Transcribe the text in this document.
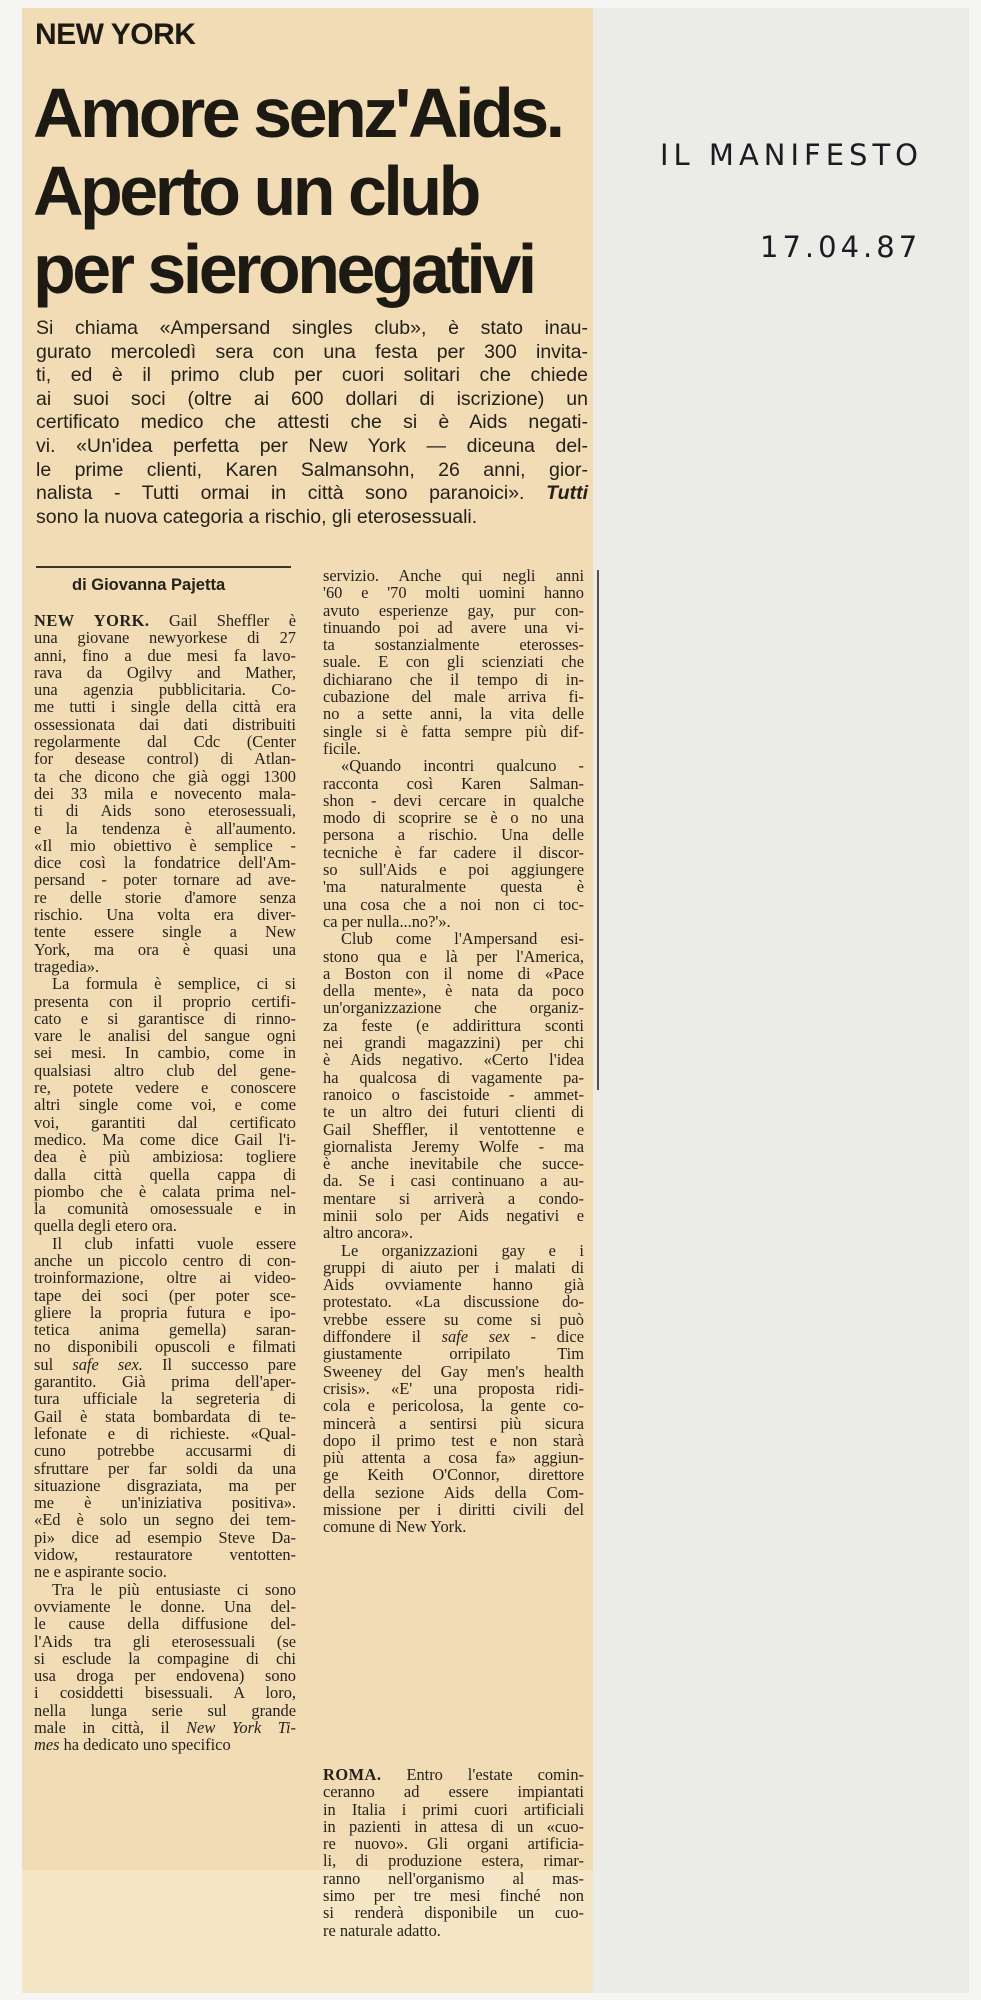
NEW YORK

Amore senz'Aids.
Aperto un club
per sieronegativi
Si chiama «Ampersand singles club», è stato inau-
gurato mercoledì sera con una festa per 300 invita-
ti, ed è il primo club per cuori solitari che chiede
ai suoi soci (oltre ai 600 dollari di iscrizione) un
certificato medico che attesti che si è Aids negati-
vi. «Un'idea perfetta per New York — diceuna del-
le prime clienti, Karen Salmansohn, 26 anni, gior-
nalista - Tutti ormai in città sono paranoici». Tutti
sono la nuova categoria a rischio, gli eterosessuali.

di Giovanna Pajetta

NEW YORK. Gail Sheffler è
una giovane newyorkese di 27
anni, fino a due mesi fa lavo-
rava da Ogilvy and Mather,
una agenzia pubblicitaria. Co-
me tutti i single della città era
ossessionata dai dati distribuiti
regolarmente dal Cdc (Center
for desease control) di Atlan-
ta che dicono che già oggi 1300
dei 33 mila e novecento mala-
ti di Aids sono eterosessuali,
e la tendenza è all'aumento.
«Il mio obiettivo è semplice -
dice così la fondatrice dell'Am-
persand - poter tornare ad ave-
re delle storie d'amore senza
rischio. Una volta era diver-
tente essere single a New
York, ma ora è quasi una
tragedia».
La formula è semplice, ci si
presenta con il proprio certifi-
cato e si garantisce di rinno-
vare le analisi del sangue ogni
sei mesi. In cambio, come in
qualsiasi altro club del gene-
re, potete vedere e conoscere
altri single come voi, e come
voi, garantiti dal certificato
medico. Ma come dice Gail l'i-
dea è più ambiziosa: togliere
dalla città quella cappa di
piombo che è calata prima nel-
la comunità omosessuale e in
quella degli etero ora.
Il club infatti vuole essere
anche un piccolo centro di con-
troinformazione, oltre ai video-
tape dei soci (per poter sce-
gliere la propria futura e ipo-
tetica anima gemella) saran-
no disponibili opuscoli e filmati
sul safe sex. Il successo pare
garantito. Già prima dell'aper-
tura ufficiale la segreteria di
Gail è stata bombardata di te-
lefonate e di richieste. «Qual-
cuno potrebbe accusarmi di
sfruttare per far soldi da una
situazione disgraziata, ma per
me è un'iniziativa positiva».
«Ed è solo un segno dei tem-
pi» dice ad esempio Steve Da-
vidow, restauratore ventotten-
ne e aspirante socio.
Tra le più entusiaste ci sono
ovviamente le donne. Una del-
le cause della diffusione del-
l'Aids tra gli eterosessuali (se
si esclude la compagine di chi
usa droga per endovena) sono
i cosiddetti bisessuali. A loro,
nella lunga serie sul grande
male in città, il New York Ti-
mes ha dedicato uno specifico
servizio. Anche qui negli anni
'60 e '70 molti uomini hanno
avuto esperienze gay, pur con-
tinuando poi ad avere una vi-
ta sostanzialmente eterosses-
suale. E con gli scienziati che
dichiarano che il tempo di in-
cubazione del male arriva fi-
no a sette anni, la vita delle
single si è fatta sempre più dif-
ficile.
«Quando incontri qualcuno -
racconta così Karen Salman-
shon - devi cercare in qualche
modo di scoprire se è o no una
persona a rischio. Una delle
tecniche è far cadere il discor-
so sull'Aids e poi aggiungere
'ma naturalmente questa è
una cosa che a noi non ci toc-
ca per nulla...no?'».
Club come l'Ampersand esi-
stono qua e là per l'America,
a Boston con il nome di «Pace
della mente», è nata da poco
un'organizzazione che organiz-
za feste (e addirittura sconti
nei grandi magazzini) per chi
è Aids negativo. «Certo l'idea
ha qualcosa di vagamente pa-
ranoico o fascistoide - ammet-
te un altro dei futuri clienti di
Gail Sheffler, il ventottenne e
giornalista Jeremy Wolfe - ma
è anche inevitabile che succe-
da. Se i casi continuano a au-
mentare si arriverà a condo-
minii solo per Aids negativi e
altro ancora».
Le organizzazioni gay e i
gruppi di aiuto per i malati di
Aids ovviamente hanno già
protestato. «La discussione do-
vrebbe essere su come si può
diffondere il safe sex - dice
giustamente orripilato Tim
Sweeney del Gay men's health
crisis». «E' una proposta ridi-
cola e pericolosa, la gente co-
mincerà a sentirsi più sicura
dopo il primo test e non starà
più attenta a cosa fa» aggiun-
ge Keith O'Connor, direttore
della sezione Aids della Com-
missione per i diritti civili del
comune di New York.
ROMA. Entro l'estate comin-
ceranno ad essere impiantati
in Italia i primi cuori artificiali
in pazienti in attesa di un «cuo-
re nuovo». Gli organi artificia-
li, di produzione estera, rimar-
ranno nell'organismo al mas-
simo per tre mesi finché non
si renderà disponibile un cuo-
re naturale adatto.

IL MANIFESTO

17.04.87
